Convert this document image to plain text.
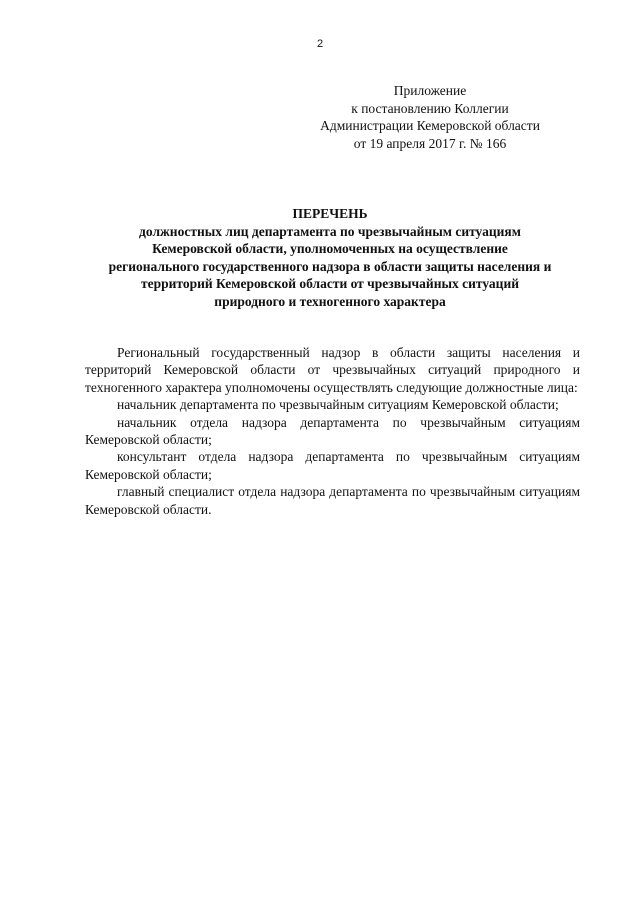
2
Приложение
к постановлению Коллегии
Администрации Кемеровской области
от 19 апреля 2017 г. № 166
ПЕРЕЧЕНЬ
должностных лиц департамента по чрезвычайным ситуациям
Кемеровской области, уполномоченных на осуществление
регионального государственного надзора в области защиты населения и
территорий Кемеровской области от чрезвычайных ситуаций
природного и техногенного характера

Региональный государственный надзор в области защиты населения и территорий Кемеровской области от чрезвычайных ситуаций природного и техногенного характера уполномочены осуществлять следующие должностные лица:

начальник департамента по чрезвычайным ситуациям Кемеровской области;

начальник отдела надзора департамента по чрезвычайным ситуациям Кемеровской области;

консультант отдела надзора департамента по чрезвычайным ситуациям Кемеровской области;

главный специалист отдела надзора департамента по чрезвычайным ситуациям Кемеровской области.
